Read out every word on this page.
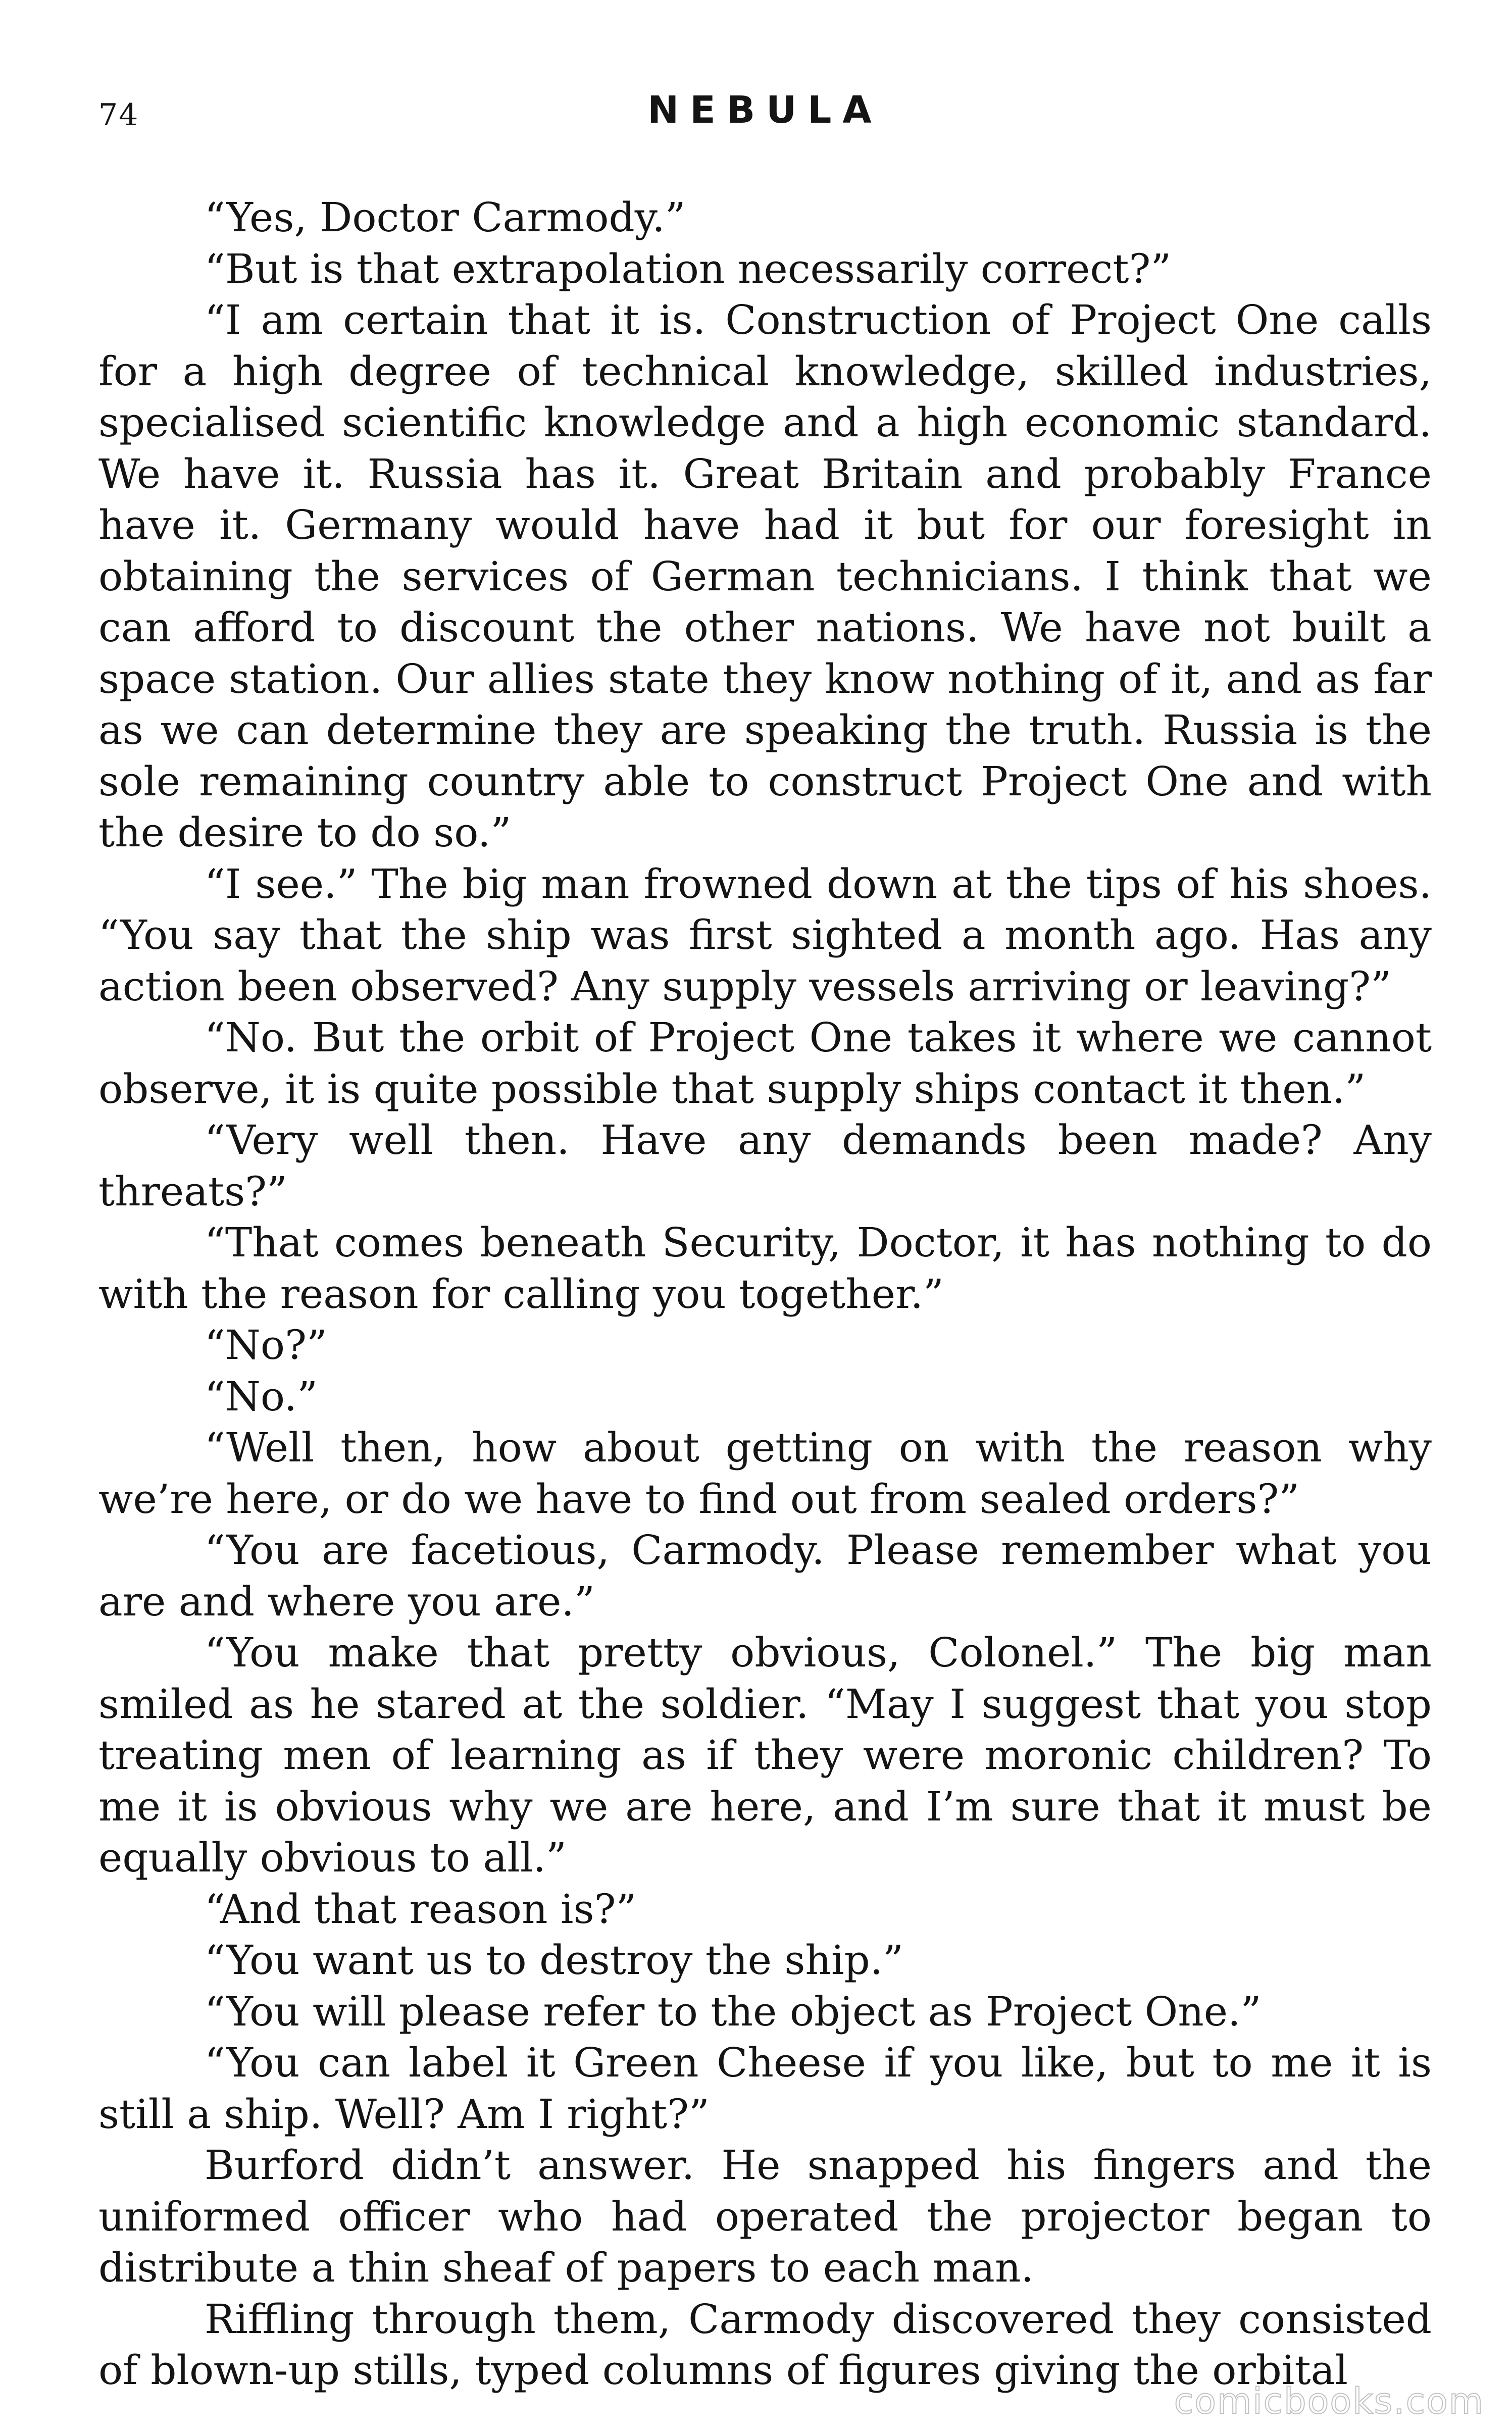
74	NEBULA

“Yes, Doctor Carmody.”

“But is that extrapolation necessarily correct?”

“I am certain that it is. Construction of Project One calls for a high degree of technical knowledge, skilled industries, specialised scientific knowledge and a high economic standard. We have it. Russia has it. Great Britain and probably France have it. Germany would have had it but for our foresight in obtaining the services of German technicians. I think that we can afford to discount the other nations. We have not built a space station. Our allies state they know nothing of it, and as far as we can determine they are speaking the truth. Russia is the sole remaining country able to construct Project One and with the desire to do so.”

“I see.” The big man frowned down at the tips of his shoes. “You say that the ship was first sighted a month ago. Has any action been observed? Any supply vessels arriving or leaving?”

“No. But the orbit of Project One takes it where we cannot observe, it is quite possible that supply ships contact it then.”

“Very well then. Have any demands been made? Any threats?”

“That comes beneath Security, Doctor, it has nothing to do with the reason for calling you together.”

“No?”

“No.”

“Well then, how about getting on with the reason why we’re here, or do we have to find out from sealed orders?”

“You are facetious, Carmody. Please remember what you are and where you are.”

“You make that pretty obvious, Colonel.” The big man smiled as he stared at the soldier. “May I suggest that you stop treating men of learning as if they were moronic children? To me it is obvious why we are here, and I’m sure that it must be equally obvious to all.”

“And that reason is?”

“You want us to destroy the ship.”

“You will please refer to the object as Project One.”

“You can label it Green Cheese if you like, but to me it is still a ship. Well? Am I right?”

Burford didn’t answer. He snapped his fingers and the uniformed officer who had operated the projector began to distribute a thin sheaf of papers to each man.

Riffling through them, Carmody discovered they consisted of blown-up stills, typed columns of figures giving the orbital

comicbooks.com
